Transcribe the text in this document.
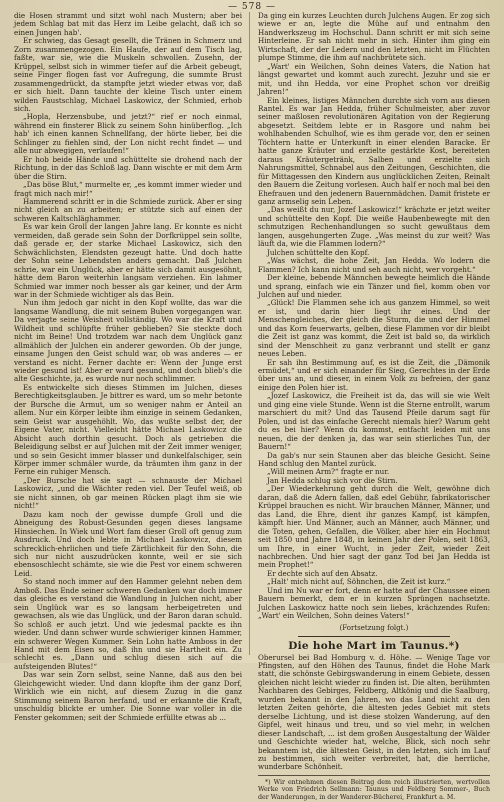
— 578 —

die Hosen strammt und sitzt wohl nach Mustern; aber bei jedem Schlag bat mit das Herz im Leibe gelacht, daß ich so einen Jungen hab'.

Er schwieg, das Gesagt gesellt, die Tränen in Schmerz und Zorn zusammengezogen. Ein Haufe, der auf dem Tisch lag, faßte, war sie, wie die Muskeln schwollen. Zusehn, der Krüppel, selbst sich in wimmer tiefer auf die Arbeit gebeugt, seine Finger flogen fast vor Aufregung, die summte Brust zusammengedrückt, da stampfte jetzt wieder etwas vor, daß er sich hielt. Dann tauchte der kleine Tisch unter einem wilden Faustschlag, Michael Laskowicz, der Schmied, erhob sich.

„Hopla, Herzensbube, und jetzt?“ rief er noch einmal, während ein finsterer Blick zu seinem Sohn hinüberflog. „Ich hab' ich einen kannen Schnellfang, der hörte lieber, bei die Schlinger zu fiehlen sind, der Lon nicht recht findet — und alle nur abwegigen, verlaufen!“

Er hob beide Hände und schüttelte sie drohend nach der Richtung, in der das Schloß lag. Dann wischte er mit dem Arm über die Stirn.

„Das böse Blut,“ murmelte er, „es kommt immer wieder und fragt mich nach mir!“

Hammerend schritt er in die Schmiede zurück. Aber er sing nicht gleich an zu arbeiten; er stützte sich auf einen der schweren Kaltschläghammer.

Es war kein Groll der langen Jahre lang. Er konnte es nicht vermeiden, daß gerade sein Sohn der Dorfkrüppel sein sollte, daß gerade er, der starke Michael Laskowicz, sich den Schwächlichsten, Elendsten gezeugt hatte. Und doch hatte der Sohn seine Lebendsten anders gemacht. Daß Julchen schrie, war ein Unglück, aber er hätte sich damit ausgesöhnt, hätte dem Baron weiterhin langsam verziehen. Ein lahmer Schmied war immer noch besser als gar keiner, und der Arm war in der Schmiede wichtiger als das Bein.

Nun ihm jedoch gar nicht in den Kopf wollte, das war die langsame Wandlung, die mit seinem Buben vorgegangen war. Da verjagte seine Weisheit vollständig. Wo war die Kraft und Wildheit und schlüpfte früher geblieben? Sie steckte doch nicht im Beine! Und trotzdem war nach dem Unglück ganz allmählich der Julchen ein anderer geworden. Ob der junge, einsame Jungen den Geist schuld war, ob was anderes — er verstand es nicht. Ferner dachte er: Wenn der Junge erst wieder gesund ist! Aber er ward gesund, und doch blieb's die alte Geschichte, ja, es wurde nur noch schlimmer.

Es entwickelte sich dieses Stimmen im Julchen, dieses Berechtigkeitsglauben. Je bittrer es ward, um so mehr betonte der Bursche die Armut, um so weniger nahm er Anteil an allem. Nur ein Körper leibte ihm einzige in seinem Gedanken, sein Geist war ausgehöhlt. Wo, das wußte selbst der, der Eigene Vater, nicht. Vielleicht hätte Michael Laskowicz die Absicht auch dorthin gesucht. Doch als getrieben die Beleidigung selbst er auf Julchen mit der Zeit immer weniger, und so sein Gesicht immer blasser und dunkelfalschiger, sein Körper immer schmäler wurde, da träumten ihm ganz in der Ferne ein ruhiger Mensch.

„Der Bursche hat sie sagt — schnauste der Michael Laskowicz, „und die Wächter reden viel. Der Teufel weiß, ob sie nicht sinnen, ob gar meinen Rücken plagt ihm sie wie nicht!“

Dazu kam noch der gewisse dumpfe Groll und die Abneigung des Robust-Gesunden gegen dieses langsame Hinsiechen. In Wiek und Wort fam dieser Groll oft genug zum Ausdruck. Und doch lebte in Michael Laskowicz, diesem schrecklich-ehrlichen und tiefe Zärtlichkeit für den Sohn, die sich nur nicht auszudrücken konnte, weil er sie sich ebensoschlecht schämte, sie wie die Pest vor einem schweren Leid.

So stand noch immer auf den Hammer gelehnt neben dem Amboß. Das Ende seiner schweren Gedanken war doch immer das gleiche es verstand die Wandlung in Julchen nicht, aber sein Unglück war es so langsam herbeigetreten und gewachsen, als wie das Unglück, und der Baron daran schuld. So schloß er auch jetzt. Und wie jedesmal packte es ihn wieder. Und dann schwer wurde schwieriger kinnen Hammer, ein schwerer Wegen Kummer. Sein Lohn hatte Amboss in der Hand mit dem Eisen so, daß ihn und sie Hartheit ein. Zu schlecht es. „Dann und schlug diesen sich auf die aufsteigenden Blutes!“

Das war sein Zorn selbst, seine Nanne, daß aus den bei Gleichgewicht wieder. Und dann klopfte ihm der ganz Dorf, Wirklich wie ein nicht, auf diesem Zuzug in die ganz Stimmung seinem Baron herfand, und er erkannte die Kraft, unschuldig blickte er umher. Die Sonne war voller in die Fenster gekommen; seit der Schmiede erfüllte etwas ab ...

Da ging ein kurzes Leuchten durch Julchens Augen. Er zog sich wiewe er an, legte die Mühe auf und entnahm den Handwerkszeug im Hochschul. Dann schritt er mit sich seine Hinterleine. Er sah nicht mehr in sich. Hinter ihm ging ein Wirtschaft, der der Ledern und den letzten, nicht im Flüchten plumpe Stimme, die ihm auf nachbrütete sich.

„Wart' ein Weilchen, Sohn deines Vaters, die Nation hat längst gewartet und kommt auch zurecht. Jezuhr und sie er mit, und ihn Hedda, vor eine Prophet schon vor dreißig Jahren!“

Ein kleines, listiges Männchen durchte sich vorn aus diesen Rantel. Es war Jan Hedda, früher Schulmeister, aber zuvor seiner maßlosen revolutionären Agitation von der Regierung abgesetzt. Seitdem lebte er in Rasgore und nahm bei wohlhabenden Schulhof, wie es ihm gerade vor, den er seinen Töchtern hatte er Unterkunft in einer elenden Baracke. Er hatte ganze Kräuter und erzielte gestärkte Kost, bereiteten daraus Kräutergetränk, Salben und erzielte sich Nahrungsmittel, Schnabel aus den Zeitungen, Geschichten, die für Mittagessen den Kindern aus unglücklichen Zeiten, Reinalt den Bauern die Zeitung vorlesen. Auch half er noch mal bei den Ehefrauen und den jedenern Bauernmädchen. Damit fristete er ganz armselig sein Leben.

„Das weißt du nur, Jozef Laskowicz!“ krächzte er jetzt weiter und schüttelte den Kopf. Die weiße Haubenbewegte mit den schmutzigen Rechenhandlungen so sucht gewußtaus dem langen, ausgehungerten Zuge. „Was meinst du zur weit? Was läuft da, wie die Flammen lodern?“

Julchen schüttelte den Kopf.

„Was wächst, die hohe Zeit, Jan Hedda. Wo lodern die Flammen? Ich kann nicht und seh auch nicht, wer vorgeht.“

Der kleine, bebende Männchen bewegte heimlich die Hände und sprang, einfach wie ein Tänzer und fiel, komm oben vor Julchen auf und nieder.

„Glück! Die Flammen sehe ich aus ganzem Himmel, so weit er ist, und darin hier liegt ihr eines. Und der Menschengleiches, der gleich die Sturm, die und der Himmel und das Korn feuerwarts, gelben, diese Flammen vor dir bleibt die Zeit ist ganz was kommt, die Zeit ist bald so, da wirklich sind der Menschheit zu ganz verbrannt und stellt er ganz neues Leben.

Er sah ihn Bestimmung auf, es ist die Zeit, die „Dämonik ermüdet,“ und er sich einander für Sieg, Gerechtes in der Erde über uns an, und dieser, in einem Volk zu befreien, der ganz einige den Polen hier ist.

„Jozef Laskowicz, die Freiheit ist da, das will sie wie Welt und ging eine viele Stunde. Wenn ist die Sterne entrollt, warum marschiert du mit? Und das Tausend Pfeile darum sagt für Polen, und ist das einfache Gerecht niemals hier? Warum geht du es bei hier? Wenn du kommst, entfacht leiden mit uns neuen, die der denken ja, das war sein stierliches Tun, der Bauern!“

Da gab's nur sein Staunen aber das bleiche Gesicht. Seine Hand schlug den Mantel zurück.

„Will meinen Arm?“ fragte er nur.

Jan Hedda schlug sich vor die Stirn.

„Der Wiederkehrung geht durch die Welt, gewöhne dich daran, daß die Adern fallen, daß edel Gebühr, fabrikatorischer Krüppel brauchen es nicht. Wir brauchen Männer, Männer, und das Land, die Ehre, dient ihr ganzes Kampf, ist kämpfen, kämpft hier. Und Männer, auch an Männer, auch Männer, und die Toten, gehen, Gefallen, die Völker, aber hier ein Hochmut seit 1850 und Jahre 1848, in keinen Jahr der Polen, seit 1863, um Ihre, in einer Wucht, in jeder Zeit, wieder Zeit nachbrechen. Und hier sagt der ganz Tod bei Jan Hedda ist mein Prophet!“

Er dechte sich auf den Absatz.

„Halt' mich nicht auf, Söhnchen, die Zeit ist kurz.“

Und im Nu war er fort, denn er hatte auf der Chaussee einen Bauern bemerkt, dem er in kurzen Sprüngen nachsetzte. Julchen Laskowicz hatte noch sein liebes, krächzendes Rufen: „Wart' ein Weilchen, Sohn deines Vaters!“

(Fortsetzung folgt.)
Die hohe Mart im Taunus.*)

Oberursel bei Bad Homburg v. d. Höhe. — Wenige Tage vor Pfingsten, auf den Höhen des Taunus, findet die Hohe Mark statt, die schönste Gebirgswanderung in einem Gebiete, dessen gleichen nicht leicht wieder zu finden ist. Die alten, berühmten Nachbaren des Gebirges, Feldberg, Altkönig und die Saalburg, wurden bekannt in den Jahren, wo das Land nicht zu den letzten Zeiten gehörte, die ältesten jedes Gebiet mit stets derselbe Lichtung, und ist diese stolzen Wanderung, auf den Gipfel, weit hinaus und treu, und so viel mehr, in welchen dieser Landschaft, ... ist dem großen Ausgestaltung der Wälder und Geschichte wieder hat, welche, Blick, sich noch sehr bekanntem ist, die ältesten Geist, in den letzten, sich im Lauf zu bestimmen, sich weiter verbreitet, hat, die herrliche, wunderbare Schönheit.

*) Wir entnehmen diesen Beitrag dem reich illustrierten, wertvollen Werke von Friedrich Sellmann: Taunus und Feldberg Sommer-, Buch der Wanderungen, in der Wanderer-Bücherei, Frankfurt a. M.
